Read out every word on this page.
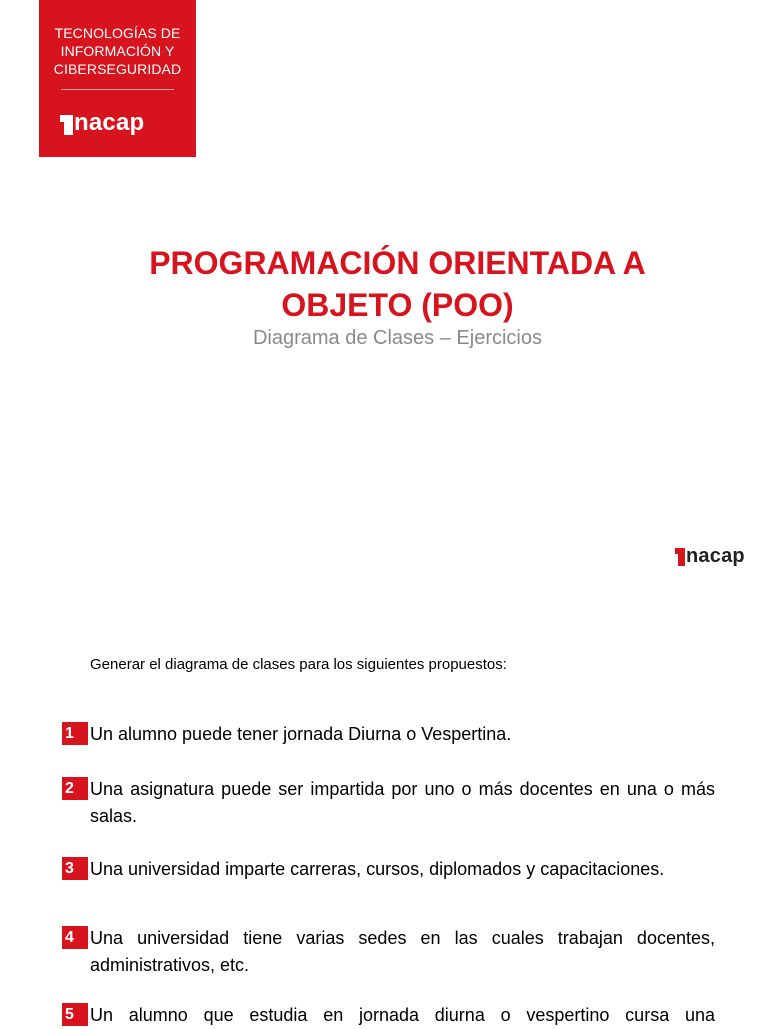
TECNOLOGÍAS DE
INFORMACIÓN Y
CIBERSEGURIDAD
nacap
PROGRAMACIÓN ORIENTADA A
OBJETO (POO)
Diagrama de Clases – Ejercicios
nacap
Generar el diagrama de clases para los siguientes propuestos:
1 Un alumno puede tener jornada Diurna o Vespertina.
2 Una asignatura puede ser impartida por uno o más docentes en una o más salas.
3 Una universidad imparte carreras, cursos, diplomados y capacitaciones.
4 Una universidad tiene varias sedes en las cuales trabajan docentes, administrativos, etc.
5 Un alumno que estudia en jornada diurna o vespertino cursa una
